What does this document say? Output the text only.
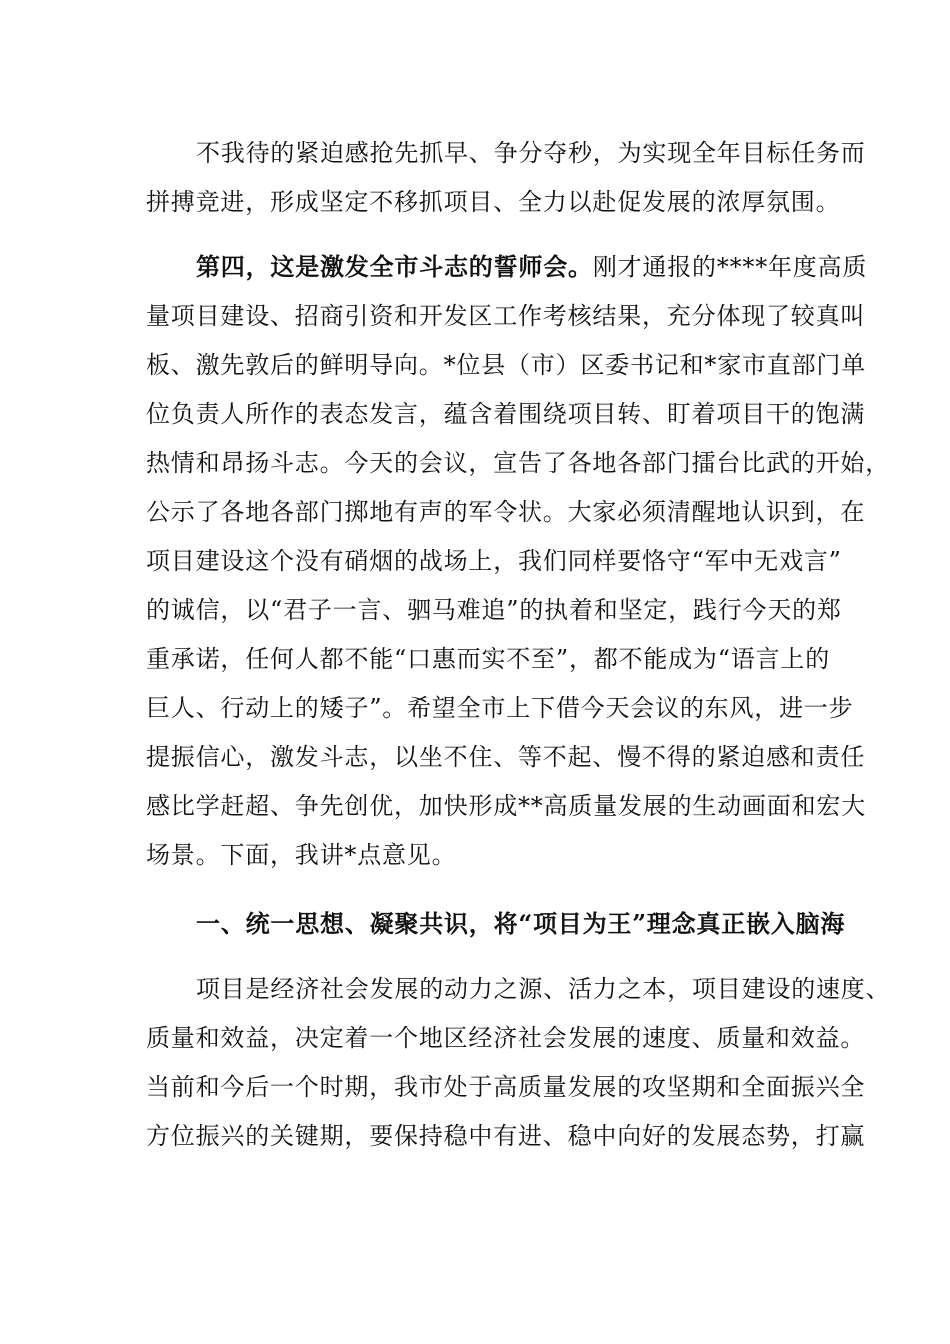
不我待的紧迫感抢先抓早、争分夺秒，为实现全年目标任务而
拼搏竞进，形成坚定不移抓项目、全力以赴促发展的浓厚氛围。
第四，这是激发全市斗志的誓师会。刚才通报的****年度高质
量项目建设、招商引资和开发区工作考核结果，充分体现了较真叫
板、激先敦后的鲜明导向。*位县（市）区委书记和*家市直部门单
位负责人所作的表态发言，蕴含着围绕项目转、盯着项目干的饱满
热情和昂扬斗志。今天的会议，宣告了各地各部门擂台比武的开始，
公示了各地各部门掷地有声的军令状。大家必须清醒地认识到，在
项目建设这个没有硝烟的战场上，我们同样要恪守“军中无戏言”
的诚信，以“君子一言、驷马难追”的执着和坚定，践行今天的郑
重承诺，任何人都不能“口惠而实不至”，都不能成为“语言上的
巨人、行动上的矮子”。希望全市上下借今天会议的东风，进一步
提振信心，激发斗志，以坐不住、等不起、慢不得的紧迫感和责任
感比学赶超、争先创优，加快形成**高质量发展的生动画面和宏大
场景。下面，我讲*点意见。
一、统一思想、凝聚共识，将“项目为王”理念真正嵌入脑海
项目是经济社会发展的动力之源、活力之本，项目建设的速度、
质量和效益，决定着一个地区经济社会发展的速度、质量和效益。
当前和今后一个时期，我市处于高质量发展的攻坚期和全面振兴全
方位振兴的关键期，要保持稳中有进、稳中向好的发展态势，打赢
